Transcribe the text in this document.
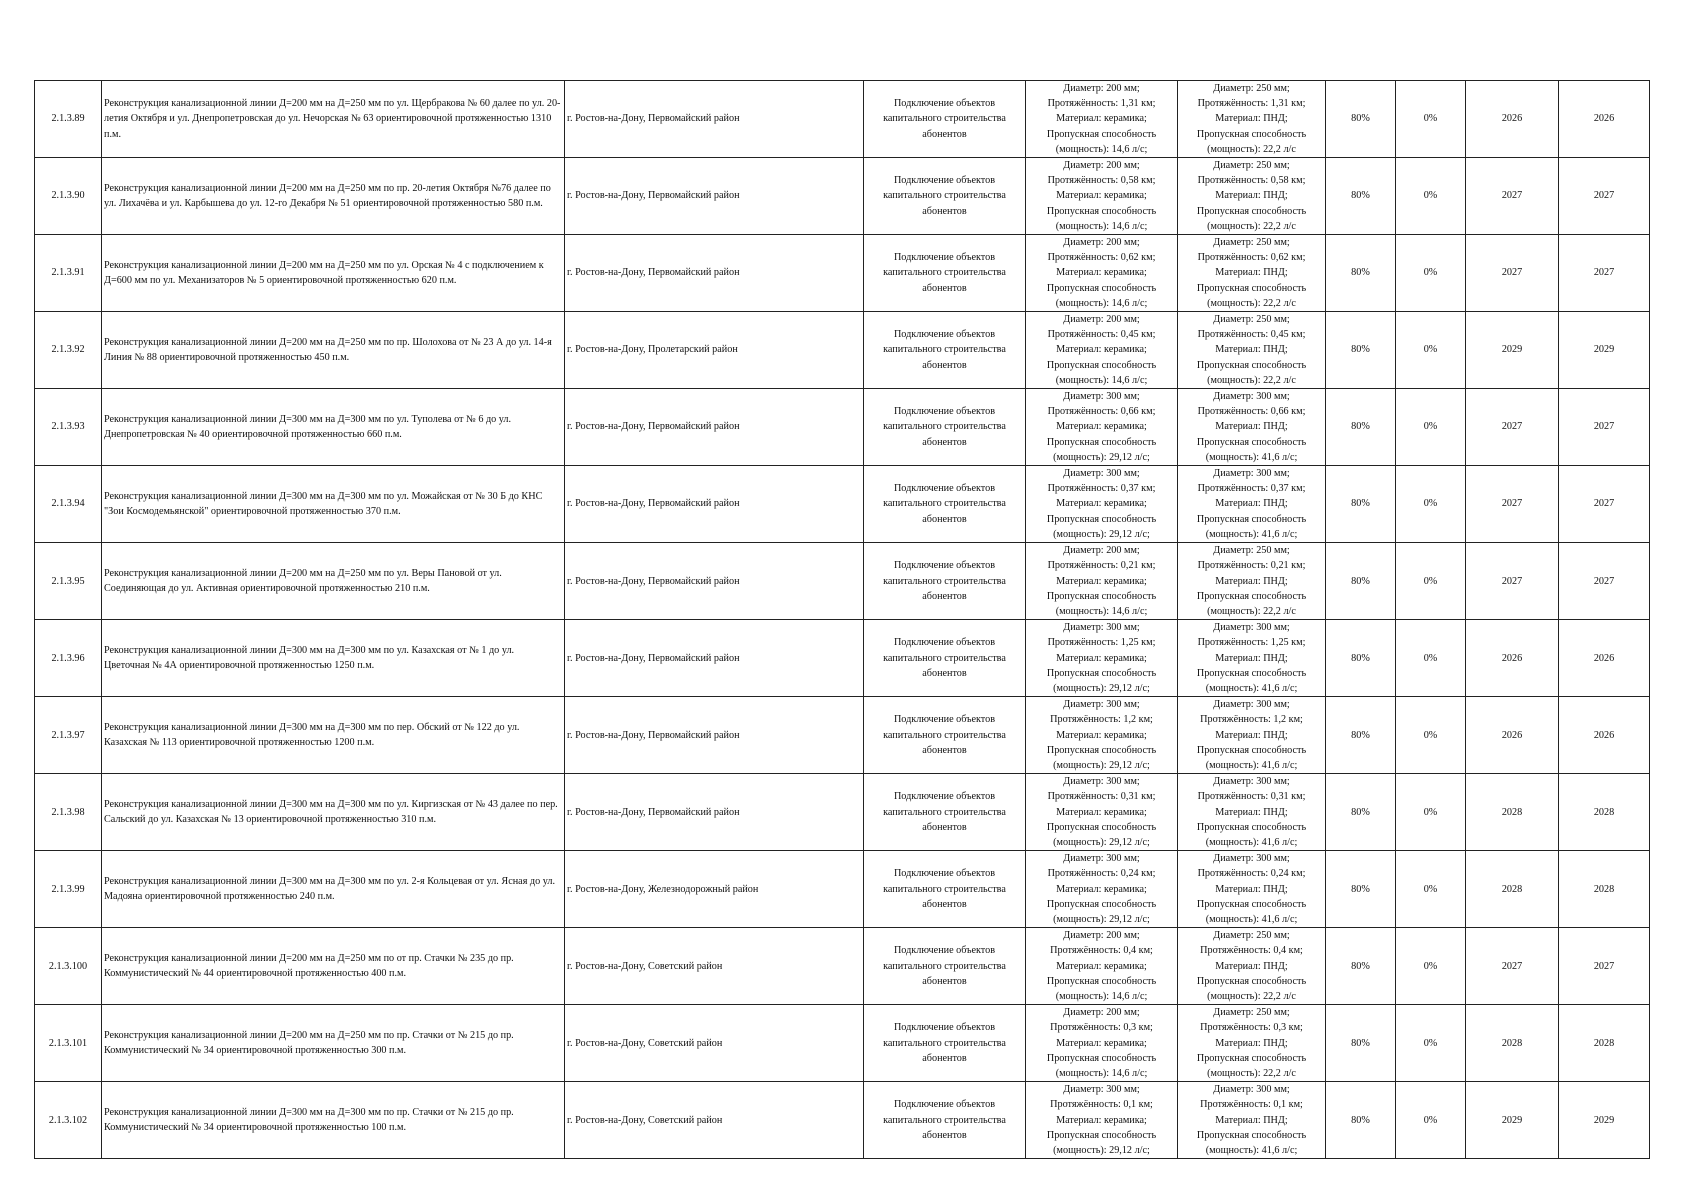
2.1.3.89	Реконструкция канализационной линии Д=200 мм на Д=250 мм по ул. Щербракова № 60 далее по ул. 20-летия Октября и ул. Днепропетровская до ул. Нечорская № 63 ориентировочной протяженностью 1310 п.м.	г. Ростов-на-Дону, Первомайский район	Подключение объектов капитального строительства абонентов	Диаметр: 200 мм;
Протяжённость: 1,31 км;
Материал: керамика;
Пропускная способность
(мощность): 14,6 л/с;	Диаметр: 250 мм;
Протяжённость: 1,31 км;
Материал: ПНД;
Пропускная способность
(мощность): 22,2 л/с	80%	0%	2026	2026
2.1.3.90	Реконструкция канализационной линии Д=200 мм на Д=250 мм по пр. 20-летия Октября №76 далее по ул. Лихачёва и ул. Карбышева до ул. 12-го Декабря № 51 ориентировочной протяженностью 580 п.м.	г. Ростов-на-Дону, Первомайский район	Подключение объектов капитального строительства абонентов	Диаметр: 200 мм;
Протяжённость: 0,58 км;
Материал: керамика;
Пропускная способность
(мощность): 14,6 л/с;	Диаметр: 250 мм;
Протяжённость: 0,58 км;
Материал: ПНД;
Пропускная способность
(мощность): 22,2 л/с	80%	0%	2027	2027
2.1.3.91	Реконструкция канализационной линии Д=200 мм на Д=250 мм по ул. Орская № 4 с подключением к Д=600 мм по ул. Механизаторов № 5 ориентировочной протяженностью 620 п.м.	г. Ростов-на-Дону, Первомайский район	Подключение объектов капитального строительства абонентов	Диаметр: 200 мм;
Протяжённость: 0,62 км;
Материал: керамика;
Пропускная способность
(мощность): 14,6 л/с;	Диаметр: 250 мм;
Протяжённость: 0,62 км;
Материал: ПНД;
Пропускная способность
(мощность): 22,2 л/с	80%	0%	2027	2027
2.1.3.92	Реконструкция канализационной линии Д=200 мм на Д=250 мм по пр. Шолохова от № 23 А до ул. 14-я Линия № 88 ориентировочной протяженностью 450 п.м.	г. Ростов-на-Дону, Пролетарский район	Подключение объектов капитального строительства абонентов	Диаметр: 200 мм;
Протяжённость: 0,45 км;
Материал: керамика;
Пропускная способность
(мощность): 14,6 л/с;	Диаметр: 250 мм;
Протяжённость: 0,45 км;
Материал: ПНД;
Пропускная способность
(мощность): 22,2 л/с	80%	0%	2029	2029
2.1.3.93	Реконструкция канализационной линии Д=300 мм на Д=300 мм по ул. Туполева от № 6 до ул. Днепропетровская № 40 ориентировочной протяженностью 660 п.м.	г. Ростов-на-Дону, Первомайский район	Подключение объектов капитального строительства абонентов	Диаметр: 300 мм;
Протяжённость: 0,66 км;
Материал: керамика;
Пропускная способность
(мощность): 29,12 л/с;	Диаметр: 300 мм;
Протяжённость: 0,66 км;
Материал: ПНД;
Пропускная способность
(мощность): 41,6 л/с;	80%	0%	2027	2027
2.1.3.94	Реконструкция канализационной линии Д=300 мм на Д=300 мм по ул. Можайская от № 30 Б до КНС "Зои Космодемьянской" ориентировочной протяженностью 370 п.м.	г. Ростов-на-Дону, Первомайский район	Подключение объектов капитального строительства абонентов	Диаметр: 300 мм;
Протяжённость: 0,37 км;
Материал: керамика;
Пропускная способность
(мощность): 29,12 л/с;	Диаметр: 300 мм;
Протяжённость: 0,37 км;
Материал: ПНД;
Пропускная способность
(мощность): 41,6 л/с;	80%	0%	2027	2027
2.1.3.95	Реконструкция канализационной линии Д=200 мм на Д=250 мм по ул. Веры Пановой от ул. Соединяющая до ул. Активная ориентировочной протяженностью 210 п.м.	г. Ростов-на-Дону, Первомайский район	Подключение объектов капитального строительства абонентов	Диаметр: 200 мм;
Протяжённость: 0,21 км;
Материал: керамика;
Пропускная способность
(мощность): 14,6 л/с;	Диаметр: 250 мм;
Протяжённость: 0,21 км;
Материал: ПНД;
Пропускная способность
(мощность): 22,2 л/с	80%	0%	2027	2027
2.1.3.96	Реконструкция канализационной линии Д=300 мм на Д=300 мм по ул. Казахская от № 1 до ул. Цветочная № 4А ориентировочной протяженностью 1250 п.м.	г. Ростов-на-Дону, Первомайский район	Подключение объектов капитального строительства абонентов	Диаметр: 300 мм;
Протяжённость: 1,25 км;
Материал: керамика;
Пропускная способность
(мощность): 29,12 л/с;	Диаметр: 300 мм;
Протяжённость: 1,25 км;
Материал: ПНД;
Пропускная способность
(мощность): 41,6 л/с;	80%	0%	2026	2026
2.1.3.97	Реконструкция канализационной линии Д=300 мм на Д=300 мм по пер. Обский от № 122 до ул. Казахская № 113 ориентировочной протяженностью 1200 п.м.	г. Ростов-на-Дону, Первомайский район	Подключение объектов капитального строительства абонентов	Диаметр: 300 мм;
Протяжённость: 1,2 км;
Материал: керамика;
Пропускная способность
(мощность): 29,12 л/с;	Диаметр: 300 мм;
Протяжённость: 1,2 км;
Материал: ПНД;
Пропускная способность
(мощность): 41,6 л/с;	80%	0%	2026	2026
2.1.3.98	Реконструкция канализационной линии Д=300 мм на Д=300 мм по ул. Киргизская от № 43 далее по пер. Сальский до ул. Казахская № 13 ориентировочной протяженностью 310 п.м.	г. Ростов-на-Дону, Первомайский район	Подключение объектов капитального строительства абонентов	Диаметр: 300 мм;
Протяжённость: 0,31 км;
Материал: керамика;
Пропускная способность
(мощность): 29,12 л/с;	Диаметр: 300 мм;
Протяжённость: 0,31 км;
Материал: ПНД;
Пропускная способность
(мощность): 41,6 л/с;	80%	0%	2028	2028
2.1.3.99	Реконструкция канализационной линии Д=300 мм на Д=300 мм по ул. 2-я Кольцевая от ул. Ясная до ул. Мадояна ориентировочной протяженностью 240 п.м.	г. Ростов-на-Дону, Железнодорожный район	Подключение объектов капитального строительства абонентов	Диаметр: 300 мм;
Протяжённость: 0,24 км;
Материал: керамика;
Пропускная способность
(мощность): 29,12 л/с;	Диаметр: 300 мм;
Протяжённость: 0,24 км;
Материал: ПНД;
Пропускная способность
(мощность): 41,6 л/с;	80%	0%	2028	2028
2.1.3.100	Реконструкция канализационной линии Д=200 мм на Д=250 мм по от пр. Стачки № 235 до пр. Коммунистический № 44 ориентировочной протяженностью 400 п.м.	г. Ростов-на-Дону, Советский район	Подключение объектов капитального строительства абонентов	Диаметр: 200 мм;
Протяжённость: 0,4 км;
Материал: керамика;
Пропускная способность
(мощность): 14,6 л/с;	Диаметр: 250 мм;
Протяжённость: 0,4 км;
Материал: ПНД;
Пропускная способность
(мощность): 22,2 л/с	80%	0%	2027	2027
2.1.3.101	Реконструкция канализационной линии Д=200 мм на Д=250 мм по пр. Стачки от № 215 до пр. Коммунистический № 34 ориентировочной протяженностью 300 п.м.	г. Ростов-на-Дону, Советский район	Подключение объектов капитального строительства абонентов	Диаметр: 200 мм;
Протяжённость: 0,3 км;
Материал: керамика;
Пропускная способность
(мощность): 14,6 л/с;	Диаметр: 250 мм;
Протяжённость: 0,3 км;
Материал: ПНД;
Пропускная способность
(мощность): 22,2 л/с	80%	0%	2028	2028
2.1.3.102	Реконструкция канализационной линии Д=300 мм на Д=300 мм по пр. Стачки от № 215 до пр. Коммунистический № 34 ориентировочной протяженностью 100 п.м.	г. Ростов-на-Дону, Советский район	Подключение объектов капитального строительства абонентов	Диаметр: 300 мм;
Протяжённость: 0,1 км;
Материал: керамика;
Пропускная способность
(мощность): 29,12 л/с;	Диаметр: 300 мм;
Протяжённость: 0,1 км;
Материал: ПНД;
Пропускная способность
(мощность): 41,6 л/с;	80%	0%	2029	2029
